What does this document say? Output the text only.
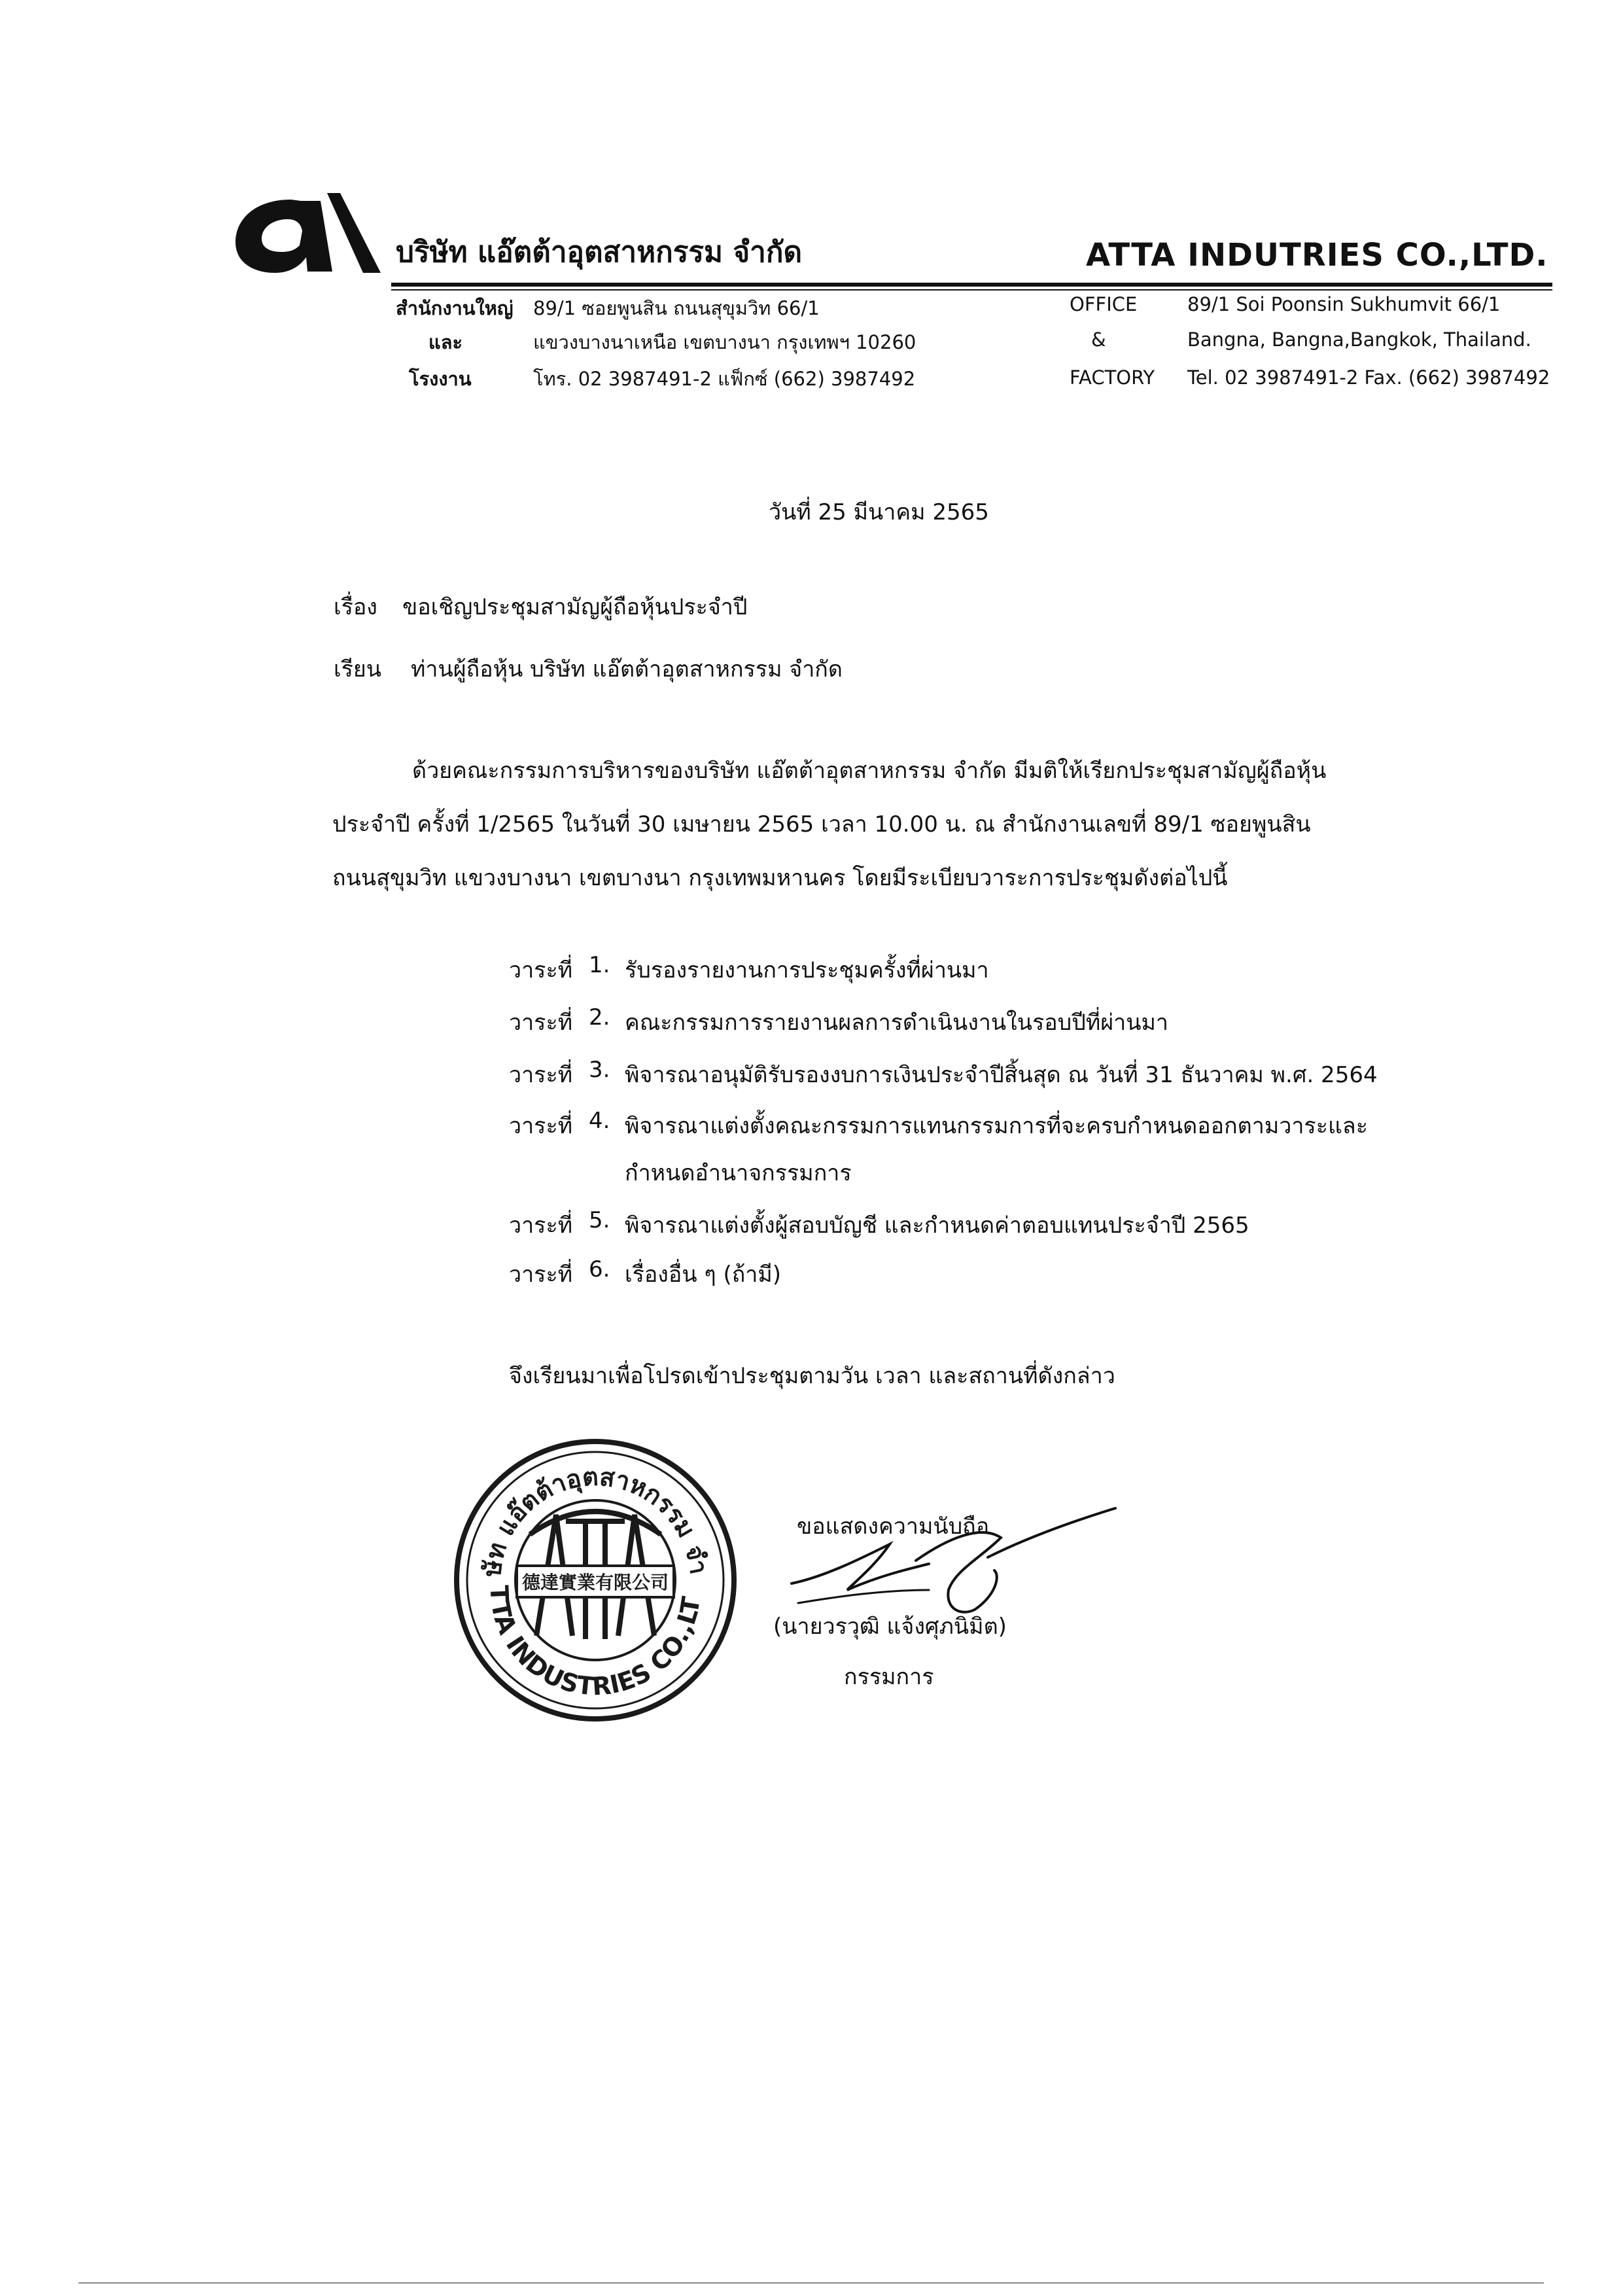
บริษัท แอ๊ตต้าอุตสาหกรรม จำกัด	ATTA INDUTRIES CO.,LTD.
สำนักงานใหญ่ 89/1 ซอยพูนสิน ถนนสุขุมวิท 66/1
และ	แขวงบางนาเหนือ เขตบางนา กรุงเทพฯ 10260
โรงงาน	โทร. 02 3987491-2 แฟ็กซ์ (662) 3987492
OFFICE	89/1 Soi Poonsin Sukhumvit 66/1
&	Bangna, Bangna,Bangkok, Thailand.
FACTORY Tel. 02 3987491-2 Fax. (662) 3987492
วันที่ 25 มีนาคม 2565
เรื่อง ขอเชิญประชุมสามัญผู้ถือหุ้นประจำปี
เรียน ท่านผู้ถือหุ้น บริษัท แอ๊ตต้าอุตสาหกรรม จำกัด
ด้วยคณะกรรมการบริหารของบริษัท แอ๊ตต้าอุตสาหกรรม จำกัด มีมติให้เรียกประชุมสามัญผู้ถือหุ้น
ประจำปี ครั้งที่ 1/2565 ในวันที่ 30 เมษายน 2565 เวลา 10.00 น. ณ สำนักงานเลขที่ 89/1 ซอยพูนสิน
ถนนสุขุมวิท แขวงบางนา เขตบางนา กรุงเทพมหานคร โดยมีระเบียบวาระการประชุมดังต่อไปนี้
วาระที่ 1. รับรองรายงานการประชุมครั้งที่ผ่านมา
วาระที่ 2. คณะกรรมการรายงานผลการดำเนินงานในรอบปีที่ผ่านมา
วาระที่ 3. พิจารณาอนุมัติรับรองงบการเงินประจำปีสิ้นสุด ณ วันที่ 31 ธันวาคม พ.ศ. 2564
วาระที่ 4. พิจารณาแต่งตั้งคณะกรรมการแทนกรรมการที่จะครบกำหนดออกตามวาระและ
กำหนดอำนาจกรรมการ
วาระที่ 5. พิจารณาแต่งตั้งผู้สอบบัญชี และกำหนดค่าตอบแทนประจำปี 2565
วาระที่ 6. เรื่องอื่น ๆ (ถ้ามี)
จึงเรียนมาเพื่อโปรดเข้าประชุมตามวัน เวลา และสถานที่ดังกล่าว
德達實業有限公司
ษัท แอ๊ตต้าอุตสาหกรรม จำ
TTA INDUSTRIES CO.,LT
ขอแสดงความนับถือ
(นายวรวุฒิ แจ้งศุภนิมิต)
กรรมการ
